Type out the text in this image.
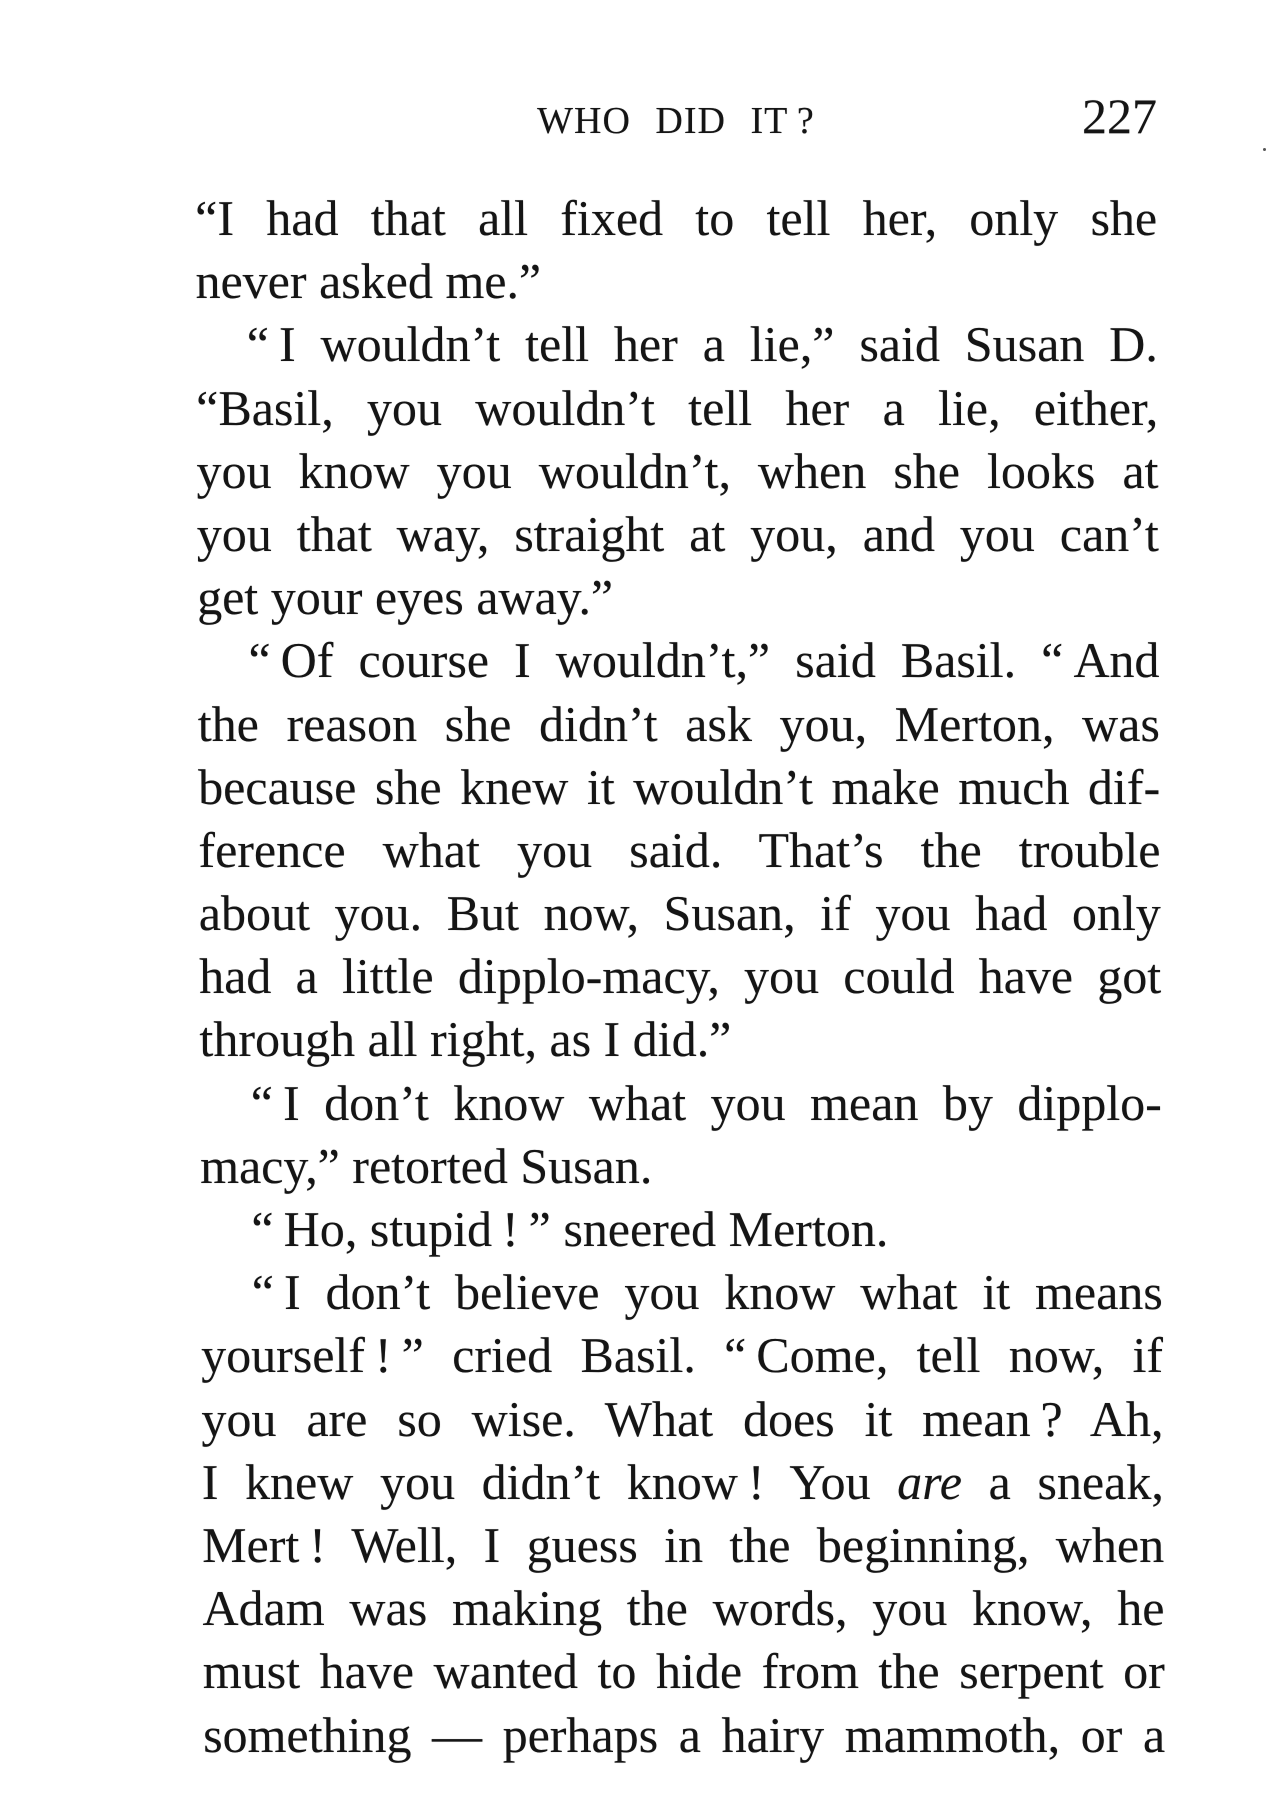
WHO DID IT ?	227
“I had that all fixed to tell her, only she
never asked me.”
“ I wouldn’t tell her a lie,” said Susan D.
“Basil, you wouldn’t tell her a lie, either,
you know you wouldn’t, when she looks at
you that way, straight at you, and you can’t
get your eyes away.”
“ Of course I wouldn’t,” said Basil. “ And
the reason she didn’t ask you, Merton, was
because she knew it wouldn’t make much dif-
ference what you said. That’s the trouble
about you. But now, Susan, if you had only
had a little dipplo-macy, you could have got
through all right, as I did.”
“ I don’t know what you mean by dipplo-
macy,” retorted Susan.
“ Ho, stupid ! ” sneered Merton.
“ I don’t believe you know what it means
yourself ! ” cried Basil. “ Come, tell now, if
you are so wise. What does it mean ? Ah,
I knew you didn’t know ! You are a sneak,
Mert ! Well, I guess in the beginning, when
Adam was making the words, you know, he
must have wanted to hide from the serpent or
something — perhaps a hairy mammoth, or a
